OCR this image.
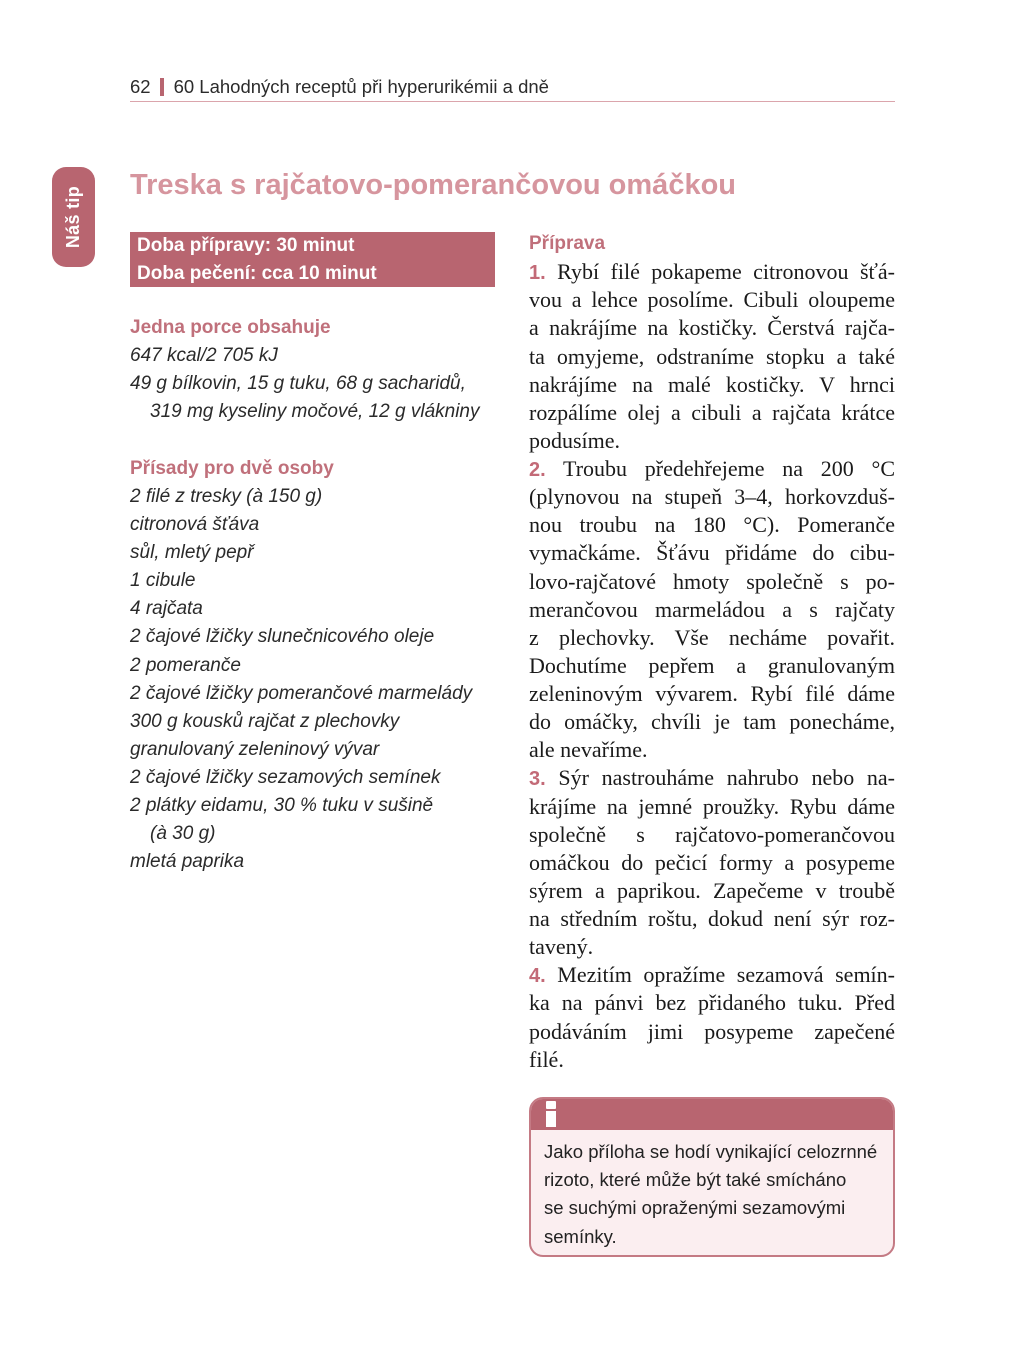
62 60 Lahodných receptů při hyperurikémii a dně
Náš tip
Treska s rajčatovo-pomerančovou omáčkou
Doba přípravy: 30 minut
Doba pečení: cca 10 minut
Jedna porce obsahuje
647 kcal/2 705 kJ
49 g bílkovin, 15 g tuku, 68 g sacharidů,
319 mg kyseliny močové, 12 g vlákniny
Přísady pro dvě osoby
2 filé z tresky (à 150 g)
citronová šťáva
sůl, mletý pepř
1 cibule
4 rajčata
2 čajové lžičky slunečnicového oleje
2 pomeranče
2 čajové lžičky pomerančové marmelády
300 g kousků rajčat z plechovky
granulovaný zeleninový vývar
2 čajové lžičky sezamových semínek
2 plátky eidamu, 30 % tuku v sušině
(à 30 g)
mletá paprika
Příprava
1. Rybí filé pokapeme citronovou šťá-
vou a lehce posolíme. Cibuli oloupeme
a nakrájíme na kostičky. Čerstvá rajča-
ta omyjeme, odstraníme stopku a také
nakrájíme na malé kostičky. V hrnci
rozpálíme olej a cibuli a rajčata krátce
podusíme.
2. Troubu předehřejeme na 200 °C
(plynovou na stupeň 3–4, horkovzduš-
nou troubu na 180 °C). Pomeranče
vymačkáme. Šťávu přidáme do cibu-
lovo-rajčatové hmoty společně s po-
merančovou marmeládou a s rajčaty
z plechovky. Vše necháme povařit.
Dochutíme pepřem a granulovaným
zeleninovým vývarem. Rybí filé dáme
do omáčky, chvíli je tam ponecháme,
ale nevaříme.
3. Sýr nastrouháme nahrubo nebo na-
krájíme na jemné proužky. Rybu dáme
společně s rajčatovo-pomerančovou
omáčkou do pečicí formy a posypeme
sýrem a paprikou. Zapečeme v troubě
na středním roštu, dokud není sýr roz-
tavený.
4. Mezitím opražíme sezamová semín-
ka na pánvi bez přidaného tuku. Před
podáváním jimi posypeme zapečené
filé.
Jako příloha se hodí vynikající celozrnné
rizoto, které může být také smícháno
se suchými opraženými sezamovými
semínky.
